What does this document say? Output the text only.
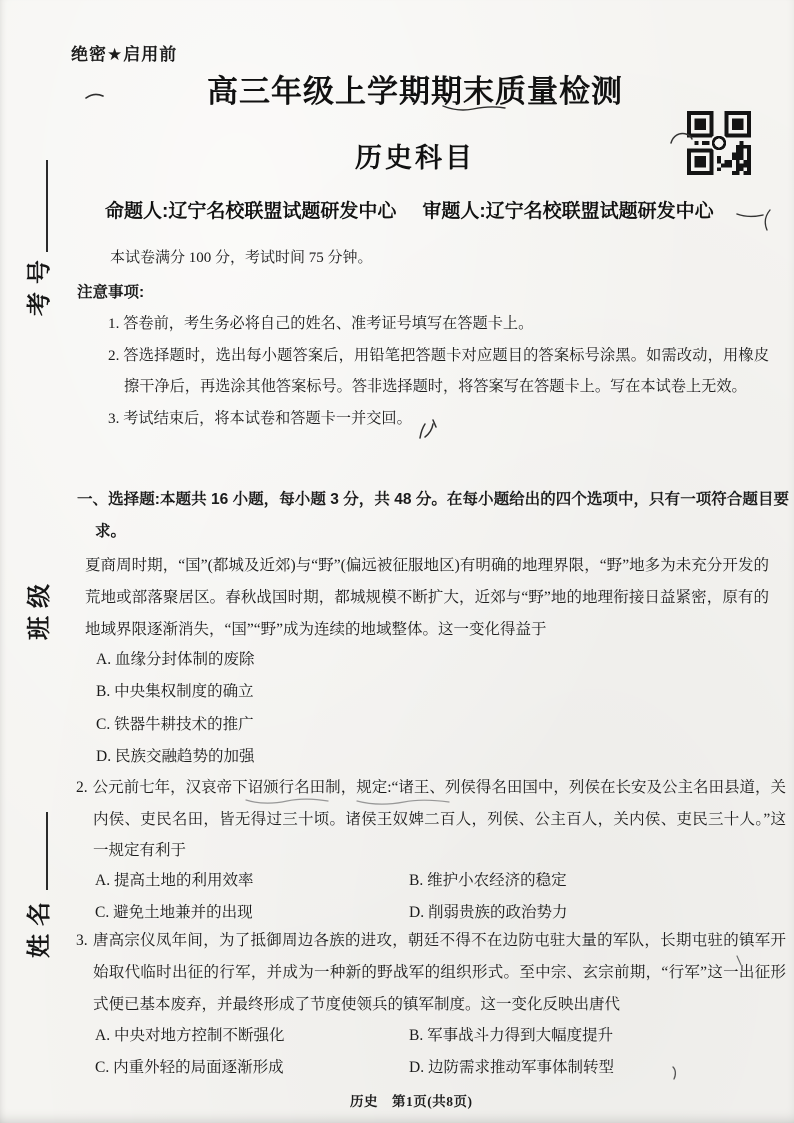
考号
班级
姓名
绝密★启用前
高三年级上学期期末质量检测
历史科目
命题人:辽宁名校联盟试题研发中心 审题人:辽宁名校联盟试题研发中心
本试卷满分 100 分，考试时间 75 分钟。
注意事项:
1. 答卷前，考生务必将自己的姓名、准考证号填写在答题卡上。
2. 答选择题时，选出每小题答案后，用铅笔把答题卡对应题目的答案标号涂黑。如需改动，用橡皮擦干净后，再选涂其他答案标号。答非选择题时，将答案写在答题卡上。写在本试卷上无效。
3. 考试结束后，将本试卷和答题卡一并交回。
一、选择题:本题共 16 小题，每小题 3 分，共 48 分。在每小题给出的四个选项中，只有一项符合题目要求。
夏商周时期，“国”(都城及近郊)与“野”(偏远被征服地区)有明确的地理界限，“野”地多为未充分开发的荒地或部落聚居区。春秋战国时期，都城规模不断扩大，近郊与“野”地的地理衔接日益紧密，原有的地域界限逐渐消失，“国”“野”成为连续的地域整体。这一变化得益于
A. 血缘分封体制的废除
B. 中央集权制度的确立
C. 铁器牛耕技术的推广
D. 民族交融趋势的加强
2. 公元前七年，汉哀帝下诏颁行名田制，规定:“诸王、列侯得名田国中，列侯在长安及公主名田县道，关内侯、吏民名田，皆无得过三十顷。诸侯王奴婢二百人，列侯、公主百人，关内侯、吏民三十人。”这一规定有利于
A. 提高土地的利用效率	B. 维护小农经济的稳定
C. 避免土地兼并的出现	D. 削弱贵族的政治势力
3. 唐高宗仪凤年间，为了抵御周边各族的进攻，朝廷不得不在边防屯驻大量的军队，长期屯驻的镇军开始取代临时出征的行军，并成为一种新的野战军的组织形式。至中宗、玄宗前期，“行军”这一出征形式便已基本废弃，并最终形成了节度使领兵的镇军制度。这一变化反映出唐代
A. 中央对地方控制不断强化	B. 军事战斗力得到大幅度提升
C. 内重外轻的局面逐渐形成	D. 边防需求推动军事体制转型
历史 第1页(共8页)
